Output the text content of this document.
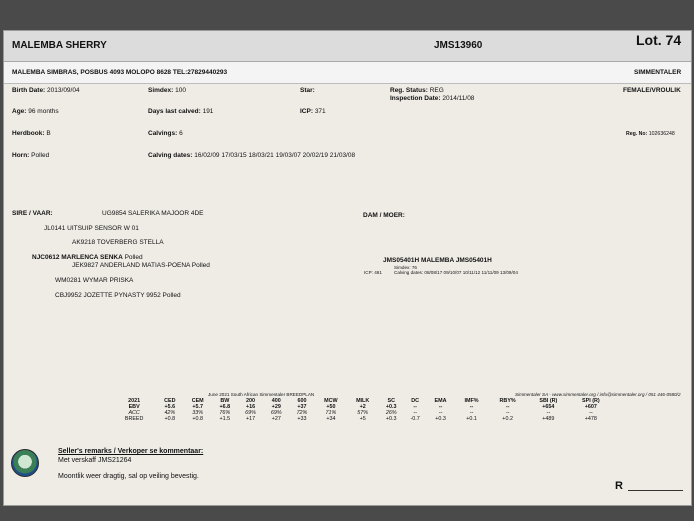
MALEMBA SHERRY	JMS13960	Lot. 74
MALEMBA SIMBRAS, POSBUS 4093 MOLOPO 8628 TEL:27829440293	SIMMENTALER
Birth Date: 2013/09/04	Simdex: 100	Star:	Reg. Status: REG
Inspection Date: 2014/11/08
FEMALE/VROULIK
Age: 96 months	Days last calved: 191	ICP: 371
Herdbook: B	Calvings: 6	Reg. No: 102636248
Horn: Polled	Calving dates: 16/02/09 17/03/15 18/03/21 19/03/07 20/02/19 21/03/08
SIRE / VAAR:	UG9854 SALERIKA MAJOOR 4DE	DAM / MOER:
JL0141 UITSUIP SENSOR W 01
AK9218 TOVERBERG STELLA
NJC0612 MARLENCA SENKA Polled
JEK9827 ANDERLAND MATIAS-POENA Polled
WM0281 WYMAR PRISKA
CBJ9952 JOZETTE PYNASTY 9952 Polled
JMS05401H MALEMBA JMS05401H
Simdex: 76
ICP: 461	Calving dates: 08/08/17 09/10/07 10/11/12 11/11/09 13/09/04
June 2021 South African Simmentaler BREEDPLAN	Simmentaler SA - www.simmentaler.org / info@simmentaler.org / 051 446-0580/2
2021	CED	CEM	BW	200	400	600	MCW	MILK	SC	DC	EMA	IMF%	RBY%	SBI (R)	SPI (R)
EBV	+5.6	+5.7	+6.8	+16	+29	+37	+50	+2	+0.3	--	--	--	--	+654	+607
ACC	42%	33%	76%	69%	69%	72%	71%	57%	26%	--	--	--	--	--	--
BREED	+0.8	+0.8	+1.5	+17	+27	+33	+34	+5	+0.3	-0.7	+0.3	+0.1	+0.2	+489	+478
Seller's remarks / Verkoper se kommentaar:
Met verskaff JMS21264
Moontlik weer dragtig, sal op veiling bevestig.
R
